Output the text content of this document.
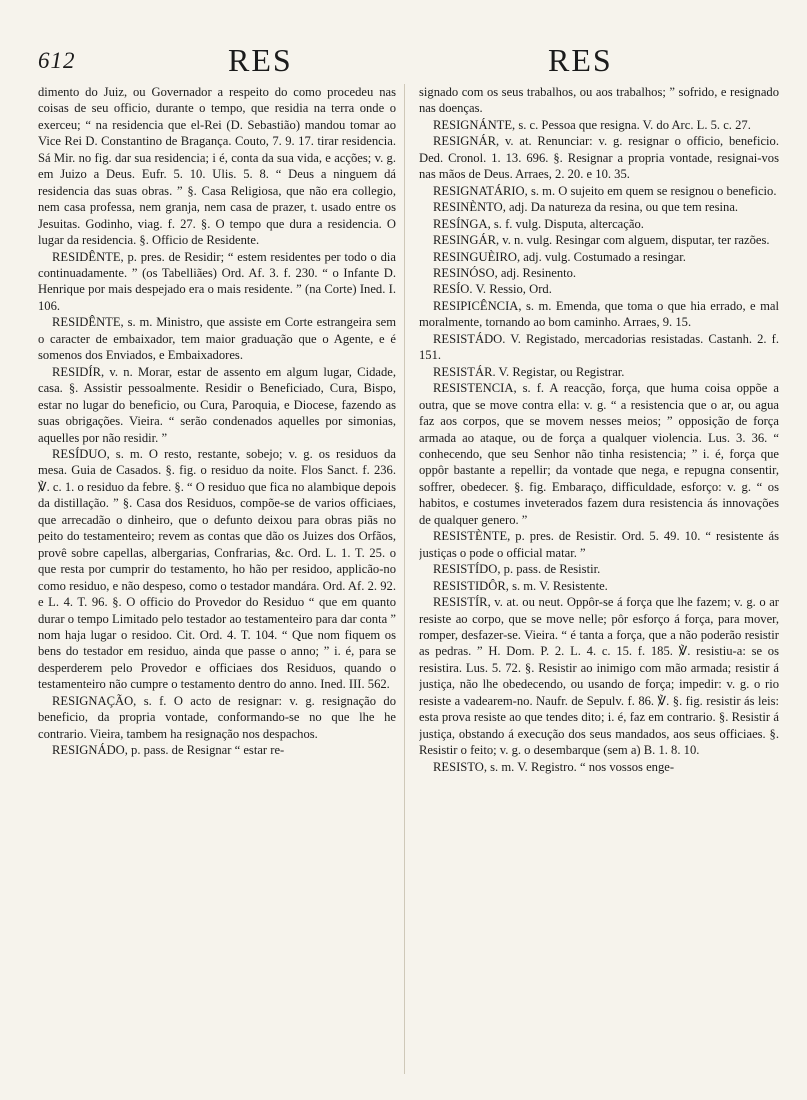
612	RES	RES

dimento do Juiz, ou Governador a respeito do como procedeu nas coisas de seu officio, durante o tempo, que residia na terra onde o exerceu; “ na residencia que el-Rei (D. Sebastião) mandou tomar ao Vice Rei D. Constantino de Bragança. Couto, 7. 9. 17. tirar residencia. Sá Mir. no fig. dar sua residencia; i é, conta da sua vida, e acções; v. g. em Juizo a Deus. Eufr. 5. 10. Ulis. 5. 8. “ Deus a ninguem dá residencia das suas obras. ” §. Casa Religiosa, que não era collegio, nem casa professa, nem granja, nem casa de prazer, t. usado entre os Jesuitas. Godinho, viag. f. 27. §. O tempo que dura a residencia. O lugar da residencia. §. Officio de Residente.

RESIDÊNTE, p. pres. de Residir; “ estem residentes per todo o dia continuadamente. ” (os Tabelliães) Ord. Af. 3. f. 230. “ o Infante D. Henrique por mais despejado era o mais residente. ” (na Corte) Ined. I. 106.

RESIDÊNTE, s. m. Ministro, que assiste em Corte estrangeira sem o caracter de embaixador, tem maior graduação que o Agente, e é somenos dos Enviados, e Embaixadores.

RESIDÍR, v. n. Morar, estar de assento em algum lugar, Cidade, casa. §. Assistir pessoalmente. Residir o Beneficiado, Cura, Bispo, estar no lugar do beneficio, ou Cura, Paroquia, e Diocese, fazendo as suas obrigações. Vieira. “ serão condenados aquelles por simonias, aquelles por não residir. ”

RESÍDUO, s. m. O resto, restante, sobejo; v. g. os residuos da mesa. Guia de Casados. §. fig. o residuo da noite. Flos Sanct. f. 236. ℣. c. 1. o residuo da febre. §. “ O residuo que fica no alambique depois da distillação. ” §. Casa dos Residuos, compõe-se de varios officiaes, que arrecadão o dinheiro, que o defunto deixou para obras piãs no peito do testamenteiro; revem as contas que dão os Juizes dos Orfãos, provê sobre capellas, albergarias, Confrarias, &c. Ord. L. 1. T. 25. o que resta por cumprir do testamento, ho hão per residoo, applicão-no como residuo, e não despeso, como o testador mandára. Ord. Af. 2. 92. e L. 4. T. 96. §. O officio do Provedor do Residuo “ que em quanto durar o tempo Limitado pelo testador ao testamenteiro para dar conta ” nom haja lugar o residoo. Cit. Ord. 4. T. 104. “ Que nom fiquem os bens do testador em residuo, ainda que passe o anno; ” i. é, para se desperderem pelo Provedor e officiaes dos Residuos, quando o testamenteiro não cumpre o testamento dentro do anno. Ined. III. 562.

RESIGNAÇÃO, s. f. O acto de resignar: v. g. resignação do beneficio, da propria vontade, conformando-se no que lhe he contrario. Vieira, tambem ha resignação nos despachos.

RESIGNÁDO, p. pass. de Resignar “ estar re-

signado com os seus trabalhos, ou aos trabalhos; ” sofrido, e resignado nas doenças.

RESIGNÁNTE, s. c. Pessoa que resigna. V. do Arc. L. 5. c. 27.

RESIGNÁR, v. at. Renunciar: v. g. resignar o officio, beneficio. Ded. Cronol. 1. 13. 696. §. Resignar a propria vontade, resignai-vos nas mãos de Deus. Arraes, 2. 20. e 10. 35.

RESIGNATÁRIO, s. m. O sujeito em quem se resignou o beneficio.

RESINÈNTO, adj. Da natureza da resina, ou que tem resina.

RESÍNGA, s. f. vulg. Disputa, altercação.

RESINGÁR, v. n. vulg. Resingar com alguem, disputar, ter razões.

RESINGUÈIRO, adj. vulg. Costumado a resingar.

RESINÓSO, adj. Resinento.

RESÍO. V. Ressio, Ord.

RESIPICÊNCIA, s. m. Emenda, que toma o que hia errado, e mal moralmente, tornando ao bom caminho. Arraes, 9. 15.

RESISTÁDO. V. Registado, mercadorias resistadas. Castanh. 2. f. 151.

RESISTÁR. V. Registar, ou Registrar.

RESISTENCIA, s. f. A reacção, força, que huma coisa oppõe a outra, que se move contra ella: v. g. “ a resistencia que o ar, ou agua faz aos corpos, que se movem nesses meios; ” opposição de força armada ao ataque, ou de força a qualquer violencia. Lus. 3. 36. “ conhecendo, que seu Senhor não tinha resistencia; ” i. é, força que oppôr bastante a repellir; da vontade que nega, e repugna consentir, soffrer, obedecer. §. fig. Embaraço, difficuldade, esforço: v. g. “ os habitos, e costumes inveterados fazem dura resistencia ás innovações de qualquer genero. ”

RESISTÈNTE, p. pres. de Resistir. Ord. 5. 49. 10. “ resistente ás justiças o pode o official matar. ”

RESISTÍDO, p. pass. de Resistir.

RESISTIDÔR, s. m. V. Resistente.

RESISTÍR, v. at. ou neut. Oppôr-se á força que lhe fazem; v. g. o ar resiste ao corpo, que se move nelle; pôr esforço á força, para mover, romper, desfazer-se. Vieira. “ é tanta a força, que a não poderão resistir as pedras. ” H. Dom. P. 2. L. 4. c. 15. f. 185. ℣. resistiu-a: se os resistira. Lus. 5. 72. §. Resistir ao inimigo com mão armada; resistir á justiça, não lhe obedecendo, ou usando de força; impedir: v. g. o rio resiste a vadearem-no. Naufr. de Sepulv. f. 86. ℣. §. fig. resistir ás leis: esta prova resiste ao que tendes dito; i. é, faz em contrario. §. Resistir á justiça, obstando á execução dos seus mandados, aos seus officiaes. §. Resistir o feito; v. g. o desembarque (sem a) B. 1. 8. 10.

RESISTO, s. m. V. Registro. “ nos vossos enge-
